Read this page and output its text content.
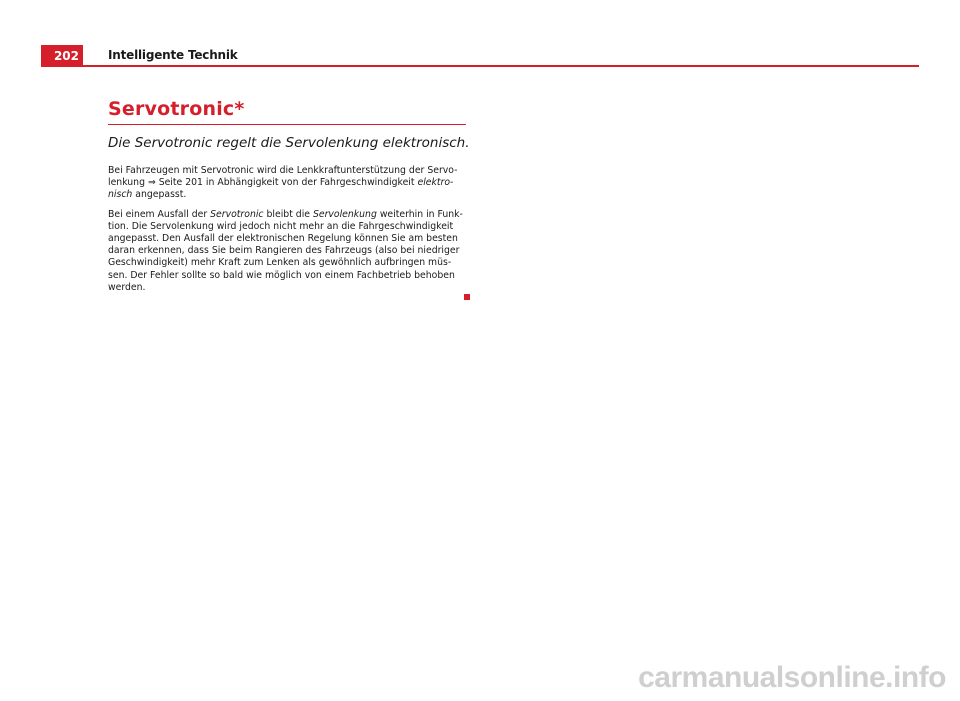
202	Intelligente Technik
Servotronic*

Die Servotronic regelt die Servolenkung elektronisch.

Bei Fahrzeugen mit Servotronic wird die Lenkkraftunterstützung der Servo-
lenkung ⇒ Seite 201 in Abhängigkeit von der Fahrgeschwindigkeit elektro-
nisch angepasst.

Bei einem Ausfall der Servotronic bleibt die Servolenkung weiterhin in Funk-
tion. Die Servolenkung wird jedoch nicht mehr an die Fahrgeschwindigkeit
angepasst. Den Ausfall der elektronischen Regelung können Sie am besten
daran erkennen, dass Sie beim Rangieren des Fahrzeugs (also bei niedriger
Geschwindigkeit) mehr Kraft zum Lenken als gewöhnlich aufbringen müs-
sen. Der Fehler sollte so bald wie möglich von einem Fachbetrieb behoben
werden.

carmanualsonline.info
